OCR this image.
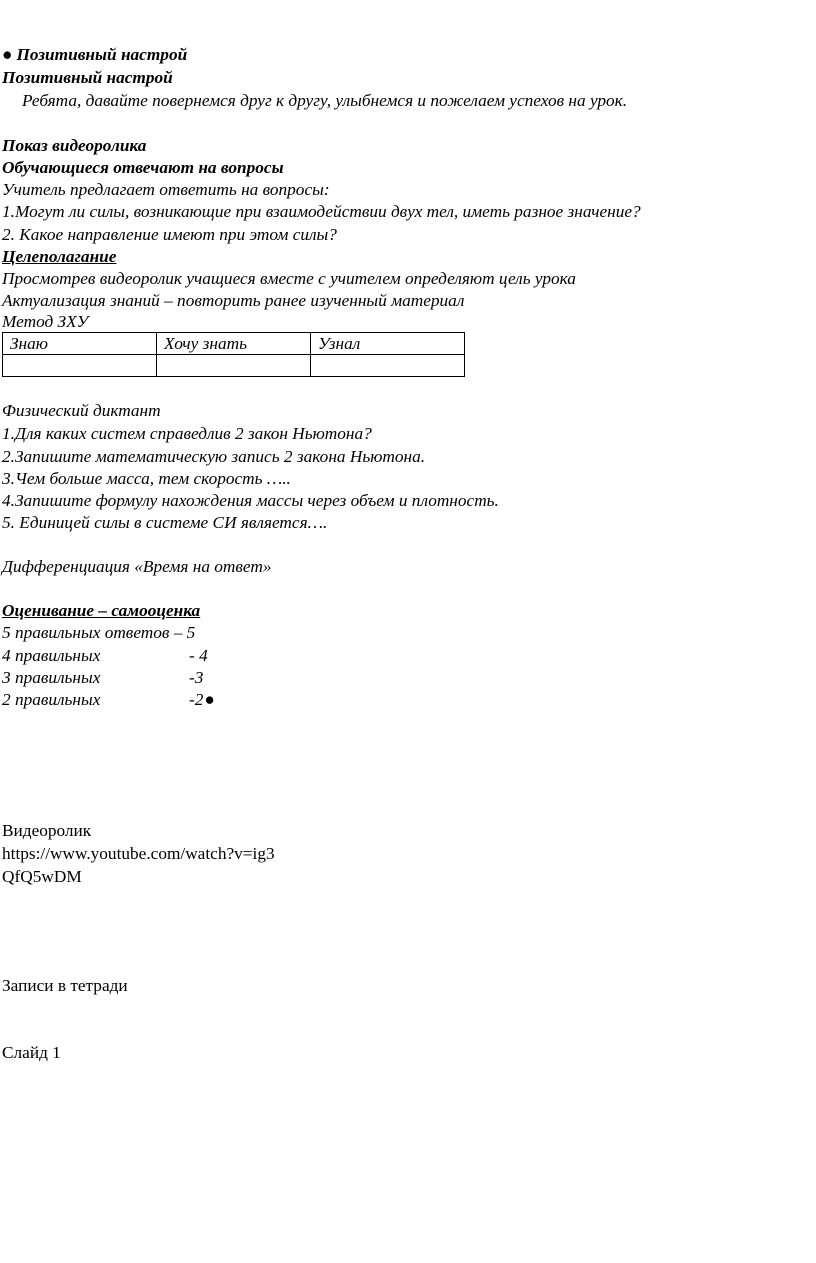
● Позитивный настрой
Позитивный настрой
Ребята, давайте повернемся друг к другу, улыбнемся и пожелаем успехов на урок.
Показ видеоролика
Обучающиеся отвечают на вопросы
Учитель предлагает ответить на вопросы:
1.Могут ли силы, возникающие при взаимодействии двух тел, иметь разное значение?
2. Какое направление имеют при этом силы?
Целеполагание
Просмотрев видеоролик учащиеся вместе с учителем определяют цель урока
Актуализация знаний – повторить ранее изученный материал
Метод ЗХУ
Знаю	Хочу знать	Узнал

Физический диктант
1.Для каких систем справедлив 2 закон Ньютона?
2.Запишите математическую запись 2 закона Ньютона.
3.Чем больше масса, тем скорость …..
4.Запишите формулу нахождения массы через объем и плотность.
5. Единицей силы в системе СИ является….
Дифференциация «Время на ответ»
Оценивание – самооценка
5 правильных ответов – 5
4 правильных	- 4
3 правильных	-3
2 правильных	-2●
Видеоролик
https://www.youtube.com/watch?v=ig3
QfQ5wDM
Записи в тетради
Слайд 1
